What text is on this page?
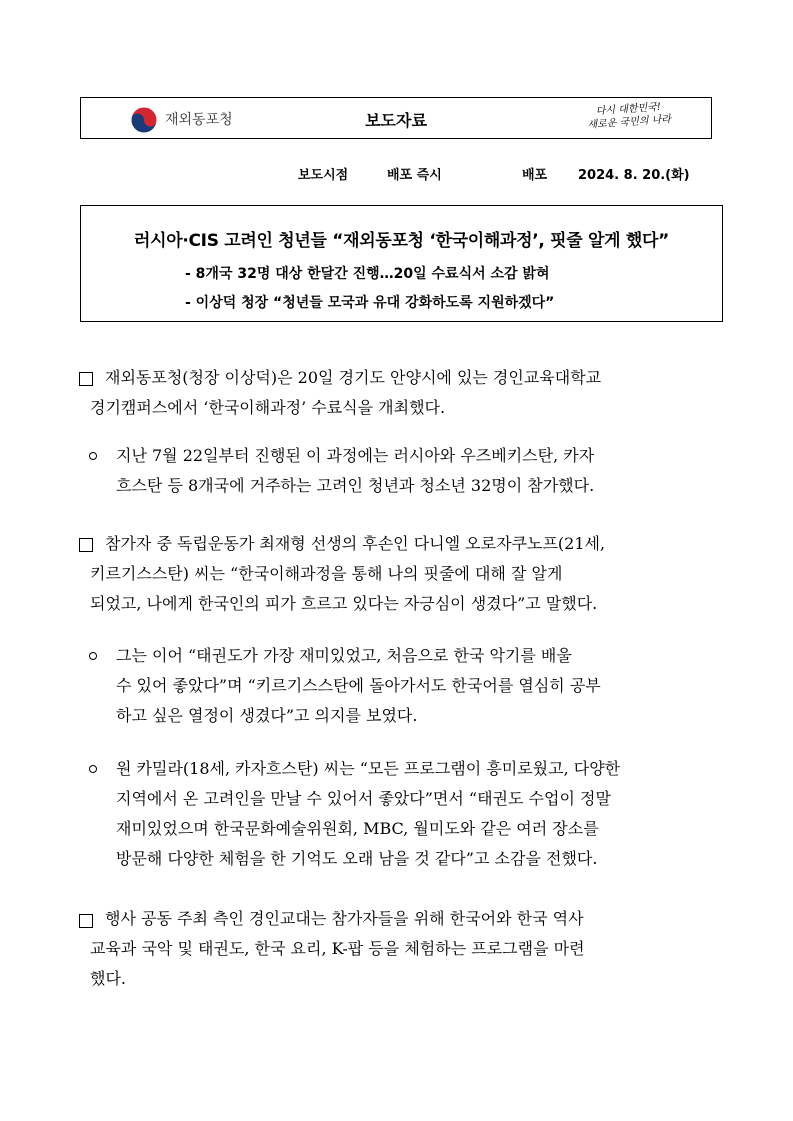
재외동포청	보도자료
다시 대한민국!
새로운 국민의 나라
보도시점	배포 즉시	배포 2024. 8. 20.(화)
러시아·CIS 고려인 청년들 “재외동포청 ‘한국이해과정’, 핏줄 알게 했다”
- 8개국 32명 대상 한달간 진행…20일 수료식서 소감 밝혀
- 이상덕 청장 “청년들 모국과 유대 강화하도록 지원하겠다”
재외동포청(청장 이상덕)은 20일 경기도 안양시에 있는 경인교육대학교
경기캠퍼스에서 ‘한국이해과정’ 수료식을 개최했다.
지난 7월 22일부터 진행된 이 과정에는 러시아와 우즈베키스탄, 카자
흐스탄 등 8개국에 거주하는 고려인 청년과 청소년 32명이 참가했다.
참가자 중 독립운동가 최재형 선생의 후손인 다니엘 오로자쿠노프(21세,
키르기스스탄) 씨는 “한국이해과정을 통해 나의 핏줄에 대해 잘 알게
되었고, 나에게 한국인의 피가 흐르고 있다는 자긍심이 생겼다”고 말했다.
그는 이어 “태권도가 가장 재미있었고, 처음으로 한국 악기를 배울
수 있어 좋았다”며 “키르기스스탄에 돌아가서도 한국어를 열심히 공부
하고 싶은 열정이 생겼다”고 의지를 보였다.
원 카밀라(18세, 카자흐스탄) 씨는 “모든 프로그램이 흥미로웠고, 다양한
지역에서 온 고려인을 만날 수 있어서 좋았다”면서 “태권도 수업이 정말
재미있었으며 한국문화예술위원회, MBC, 월미도와 같은 여러 장소를
방문해 다양한 체험을 한 기억도 오래 남을 것 같다”고 소감을 전했다.
행사 공동 주최 측인 경인교대는 참가자들을 위해 한국어와 한국 역사
교육과 국악 및 태권도, 한국 요리, K-팝 등을 체험하는 프로그램을 마련
했다.
